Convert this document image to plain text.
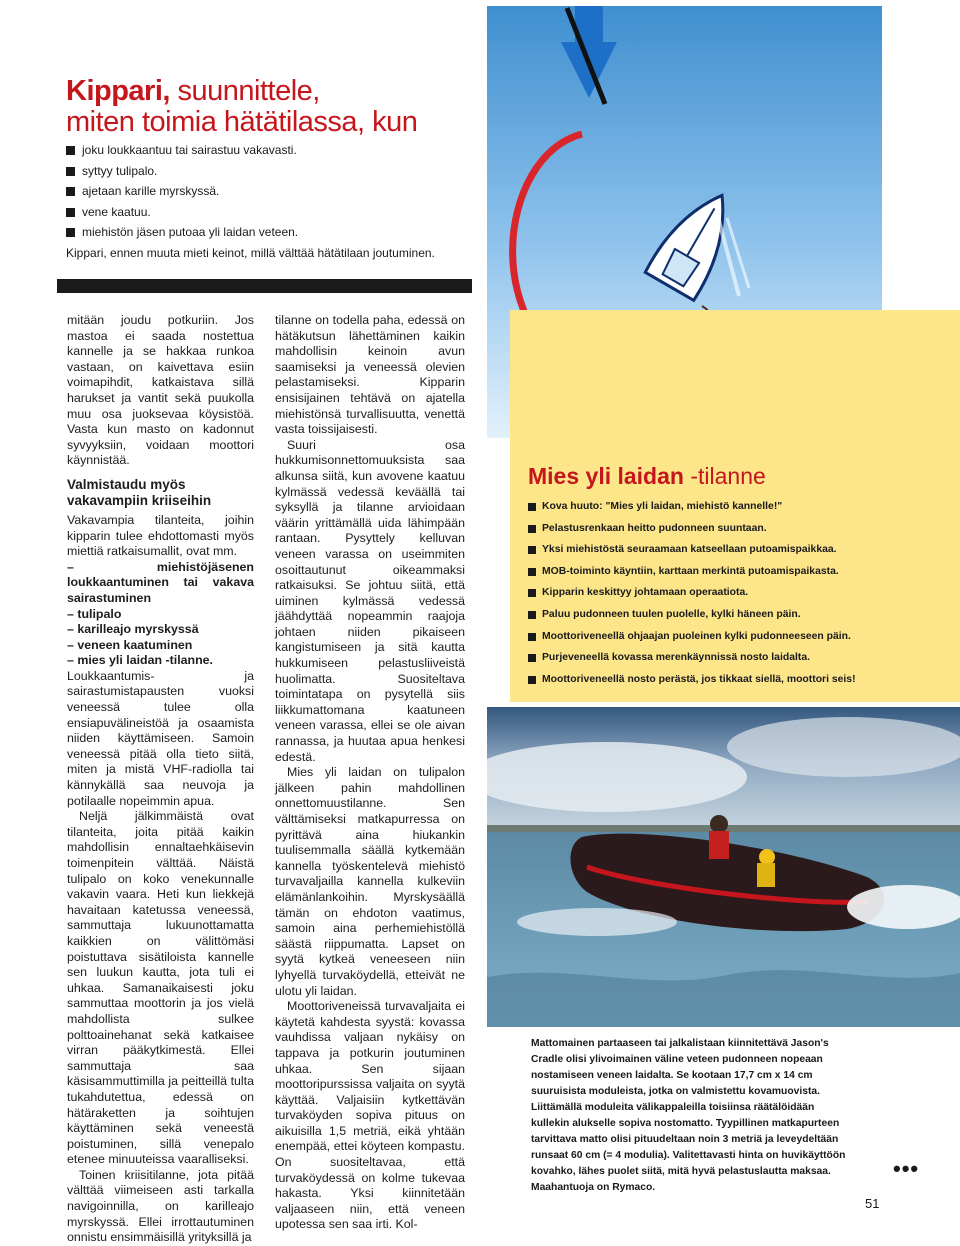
Kippari, suunnittele,
miten toimia hätätilassa, kun
joku loukkaantuu tai sairastuu vakavasti.
syttyy tulipalo.
ajetaan karille myrskyssä.
vene kaatuu.
miehistön jäsen putoaa yli laidan veteen.
Kippari, ennen muuta mieti keinot, millä välttää hätätilaan joutuminen.

mitään joudu potkuriin. Jos mastoa ei saada nostettua kannelle ja se hakkaa runkoa vastaan, on kaivettava esiin voimapihdit, katkaistava sillä harukset ja vantit sekä puukolla muu osa juoksevaa köysistöä. Vasta kun masto on kadonnut syvyyksiin, voidaan moottori käynnistää.

Valmistaudu myös vakavampiin kriiseihin

Vakavampia tilanteita, joihin kipparin tulee ehdottomasti myös miettiä ratkaisumallit, ovat mm.

– miehistöjäsenen loukkaantuminen tai vakava sairastuminen

– tulipalo

– karilleajo myrskyssä

– veneen kaatuminen

– mies yli laidan -tilanne.

Loukkaantumis- ja sairastumistapausten vuoksi veneessä tulee olla ensiapuvälineistöä ja osaamista niiden käyttämiseen. Samoin veneessä pitää olla tieto siitä, miten ja mistä VHF-radiolla tai kännykällä saa neuvoja ja potilaalle nopeimmin apua.

Neljä jälkimmäistä ovat tilanteita, joita pitää kaikin mahdollisin ennaltaehkäisevin toimenpitein välttää. Näistä tulipalo on koko venekunnalle vakavin vaara. Heti kun liekkejä havaitaan katetussa veneessä, sammuttaja lukuunottamatta kaikkien on välittömäsi poistuttava sisätiloista kannelle sen luukun kautta, jota tuli ei uhkaa. Samanaikaisesti joku sammuttaa moottorin ja jos vielä mahdollista sulkee polttoainehanat sekä katkaisee virran pääkytkimestä. Ellei sammuttaja saa käsisammuttimilla ja peitteillä tulta tukahdutettua, edessä on hätäraketten ja soihtujen käyttäminen sekä veneestä poistuminen, sillä venepalo etenee minuuteissa vaaralliseksi.

Toinen kriisitilanne, jota pitää välttää viimeiseen asti tarkalla navigoinnilla, on karilleajo myrskyssä. Ellei irrottautuminen onnistu ensimmäisillä yrityksillä ja

tilanne on todella paha, edessä on hätäkutsun lähettäminen kaikin mahdollisin keinoin avun saamiseksi ja veneessä olevien pelastamiseksi. Kipparin ensisijainen tehtävä on ajatella miehistönsä turvallisuutta, venettä vasta toissijaisesti.

Suuri osa hukkumisonnettomuuksista saa alkunsa siitä, kun avovene kaatuu kylmässä vedessä keväällä tai syksyllä ja tilanne arvioidaan väärin yrittämällä uida lähimpään rantaan. Pysyttely kelluvan veneen varassa on useimmiten osoittautunut oikeammaksi ratkaisuksi. Se johtuu siitä, että uiminen kylmässä vedessä jäähdyttää nopeammin raajoja johtaen niiden pikaiseen kangistumiseen ja sitä kautta hukkumiseen pelastusliiveistä huolimatta. Suositeltava toimintatapa on pysytellä siis liikkumattomana kaatuneen veneen varassa, ellei se ole aivan rannassa, ja huutaa apua henkesi edestä.

Mies yli laidan on tulipalon jälkeen pahin mahdollinen onnettomuustilanne. Sen välttämiseksi matkapurressa on pyrittävä aina hiukankin tuulisemmalla säällä kytkemään kannella työskentelevä miehistö turvavaljailla kannella kulkeviin elämänlankoihin. Myrskysäällä tämän on ehdoton vaatimus, samoin aina perhemiehistöllä säästä riippumatta. Lapset on syytä kytkeä veneeseen niin lyhyellä turvaköydellä, etteivät ne ulotu yli laidan.

Moottoriveneissä turvavaljaita ei käytetä kahdesta syystä: kovassa vauhdissa valjaan nykäisy on tappava ja potkurin joutuminen uhkaa. Sen sijaan moottoripurssissa valjaita on syytä käyttää. Valjaisiin kytkettävän turvaköyden sopiva pituus on aikuisilla 1,5 metriä, eikä yhtään enempää, ettei köyteen kompastu. On suositeltavaa, että turvaköydessä on kolme tukevaa hakasta. Yksi kiinnitetään valjaaseen niin, että veneen upotessa sen saa irti. Kol-

Mies yli laidan -tilanne
Kova huuto: "Mies yli laidan, miehistö kannelle!"
Pelastusrenkaan heitto pudonneen suuntaan.
Yksi miehistöstä seuraamaan katseellaan putoamispaikkaa.
MOB-toiminto käyntiin, karttaan merkintä putoamispaikasta.
Kipparin keskittyy johtamaan operaatiota.
Paluu pudonneen tuulen puolelle, kylki häneen päin.
Moottoriveneellä ohjaajan puoleinen kylki pudonneeseen päin.
Purjeveneellä kovassa merenkäynnissä nosto laidalta.
Moottoriveneellä nosto perästä, jos tikkaat siellä, moottori seis!
Mattomainen partaaseen tai jalkalistaan kiinnitettävä Jason's Cradle olisi ylivoimainen väline veteen pudonneen nopeaan nostamiseen veneen laidalta. Se kootaan 17,7 cm x 14 cm suuruisista moduleista, jotka on valmistettu kovamuovista. Liittämällä moduleita välikappaleilla toisiinsa räätälöidään kullekin alukselle sopiva nostomatto. Tyypillinen matkapurteen tarvittava matto olisi pituudeltaan noin 3 metriä ja leveydeltään runsaat 60 cm (= 4 modulia). Valitettavasti hinta on huvikäyttöön kovahko, lähes puolet siitä, mitä hyvä pelastuslautta maksaa. Maahantuoja on Rymaco.
•••
51
